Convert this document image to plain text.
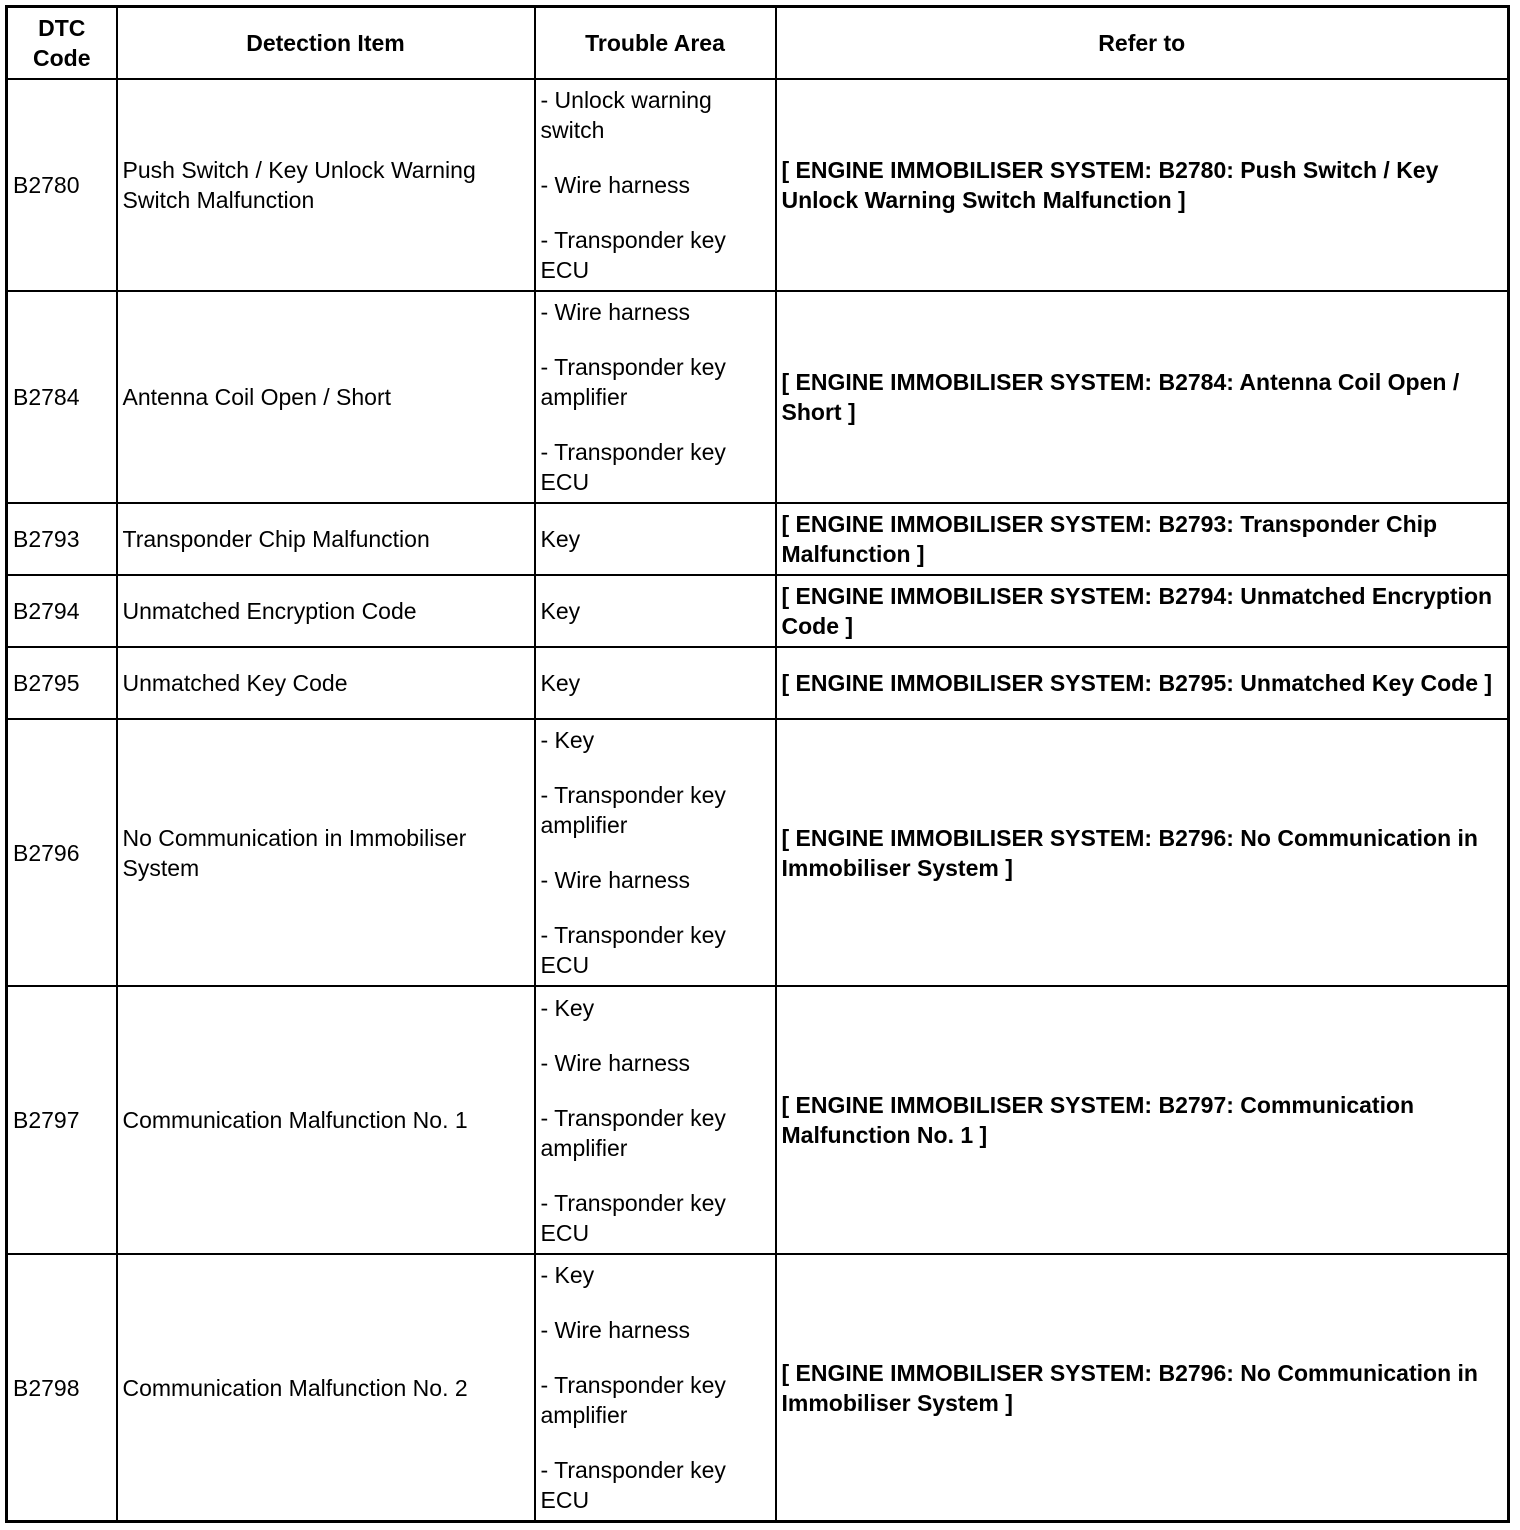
DTC Code	Detection Item	Trouble Area	Refer to
B2780	Push Switch / Key Unlock Warning Switch Malfunction	- Unlock warning switch
- Wire harness
- Transponder key ECU	[ ENGINE IMMOBILISER SYSTEM: B2780: Push Switch / Key Unlock Warning Switch Malfunction ]
B2784	Antenna Coil Open / Short	- Wire harness
- Transponder key amplifier
- Transponder key ECU	[ ENGINE IMMOBILISER SYSTEM: B2784: Antenna Coil Open / Short ]
B2793	Transponder Chip Malfunction	Key	[ ENGINE IMMOBILISER SYSTEM: B2793: Transponder Chip Malfunction ]
B2794	Unmatched Encryption Code	Key	[ ENGINE IMMOBILISER SYSTEM: B2794: Unmatched Encryption Code ]
B2795	Unmatched Key Code	Key	[ ENGINE IMMOBILISER SYSTEM: B2795: Unmatched Key Code ]
B2796	No Communication in Immobiliser System	- Key
- Transponder key amplifier
- Wire harness
- Transponder key ECU	[ ENGINE IMMOBILISER SYSTEM: B2796: No Communication in Immobiliser System ]
B2797	Communication Malfunction No. 1	- Key
- Wire harness
- Transponder key amplifier
- Transponder key ECU	[ ENGINE IMMOBILISER SYSTEM: B2797: Communication Malfunction No. 1 ]
B2798	Communication Malfunction No. 2	- Key
- Wire harness
- Transponder key amplifier
- Transponder key ECU	[ ENGINE IMMOBILISER SYSTEM: B2796: No Communication in Immobiliser System ]
